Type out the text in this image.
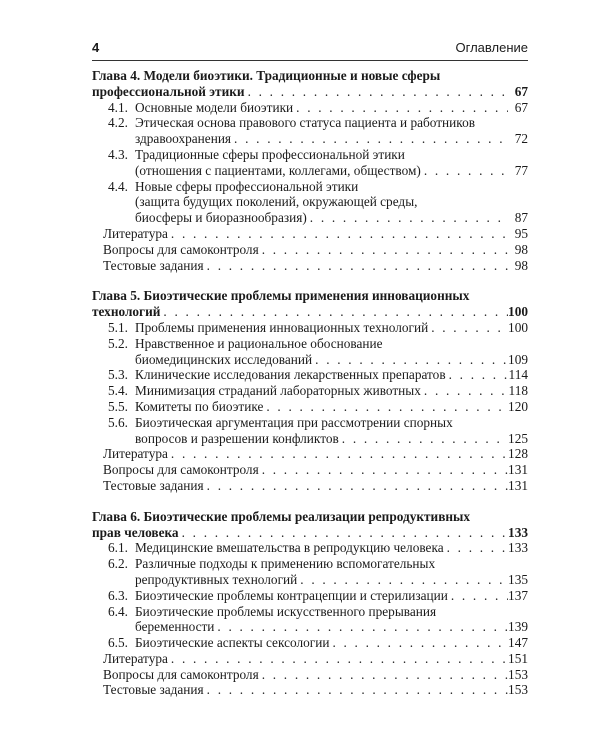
4	Оглавление
Глава 4. Модели биоэтики. Традиционные и новые сферы
профессиональной этики . . .	67
4.1. Основные модели биоэтики . . .	67
4.2. Этическая основа правового статуса пациента и работников
здравоохранения . . .	72
4.3. Традиционные сферы профессиональной этики
(отношения с пациентами, коллегами, обществом) . . .	77
4.4. Новые сферы профессиональной этики
(защита будущих поколений, окружающей среды,
биосферы и биоразнообразия) . . .	87
Литература . . .	95
Вопросы для самоконтроля . . .	98
Тестовые задания . . .	98
Глава 5. Биоэтические проблемы применения инновационных
технологий . . .	100
5.1. Проблемы применения инновационных технологий . . .	100
5.2. Нравственное и рациональное обоснование
биомедицинских исследований . . .	109
5.3. Клинические исследования лекарственных препаратов . . .	114
5.4. Минимизация страданий лабораторных животных . . .	118
5.5. Комитеты по биоэтике . . .	120
5.6. Биоэтическая аргументация при рассмотрении спорных
вопросов и разрешении конфликтов . . .	125
Литература . . .	128
Вопросы для самоконтроля . . .	131
Тестовые задания . . .	131
Глава 6. Биоэтические проблемы реализации репродуктивных
прав человека . . .	133
6.1. Медицинские вмешательства в репродукцию человека . . .	133
6.2. Различные подходы к применению вспомогательных
репродуктивных технологий . . .	135
6.3. Биоэтические проблемы контрацепции и стерилизации . . .	137
6.4. Биоэтические проблемы искусственного прерывания
беременности . . .	139
6.5. Биоэтические аспекты сексологии . . .	147
Литература . . .	151
Вопросы для самоконтроля . . .	153
Тестовые задания . . .	153
